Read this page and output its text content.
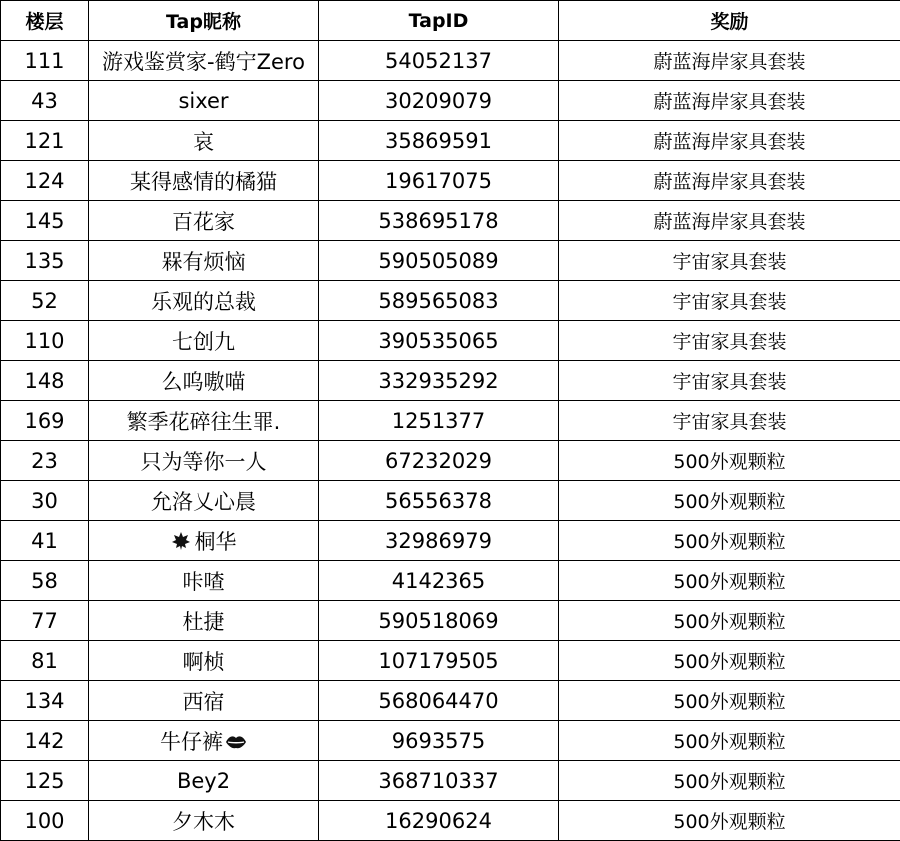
楼层	Tap昵称	TapID	奖励
111	游戏鉴赏家-鹤宁Zero	54052137	蔚蓝海岸家具套装
43	sixer	30209079	蔚蓝海岸家具套装
121	哀	35869591	蔚蓝海岸家具套装
124	某得感情的橘猫	19617075	蔚蓝海岸家具套装
145	百花家	538695178	蔚蓝海岸家具套装
135	槑有烦恼	590505089	宇宙家具套装
52	乐观的总裁	589565083	宇宙家具套装
110	七创九	390535065	宇宙家具套装
148	么呜嗷喵	332935292	宇宙家具套装
169	繁季花碎往生罪.	1251377	宇宙家具套装
23	只为等你一人	67232029	500外观颗粒
30	允洛乂心晨	56556378	500外观颗粒
41	桐华	32986979	500外观颗粒
58	咔喳	4142365	500外观颗粒
77	杜捷	590518069	500外观颗粒
81	啊桢	107179505	500外观颗粒
134	西宿	568064470	500外观颗粒
142	牛仔裤	9693575	500外观颗粒
125	Bey2	368710337	500外观颗粒
100	夕木木	16290624	500外观颗粒
